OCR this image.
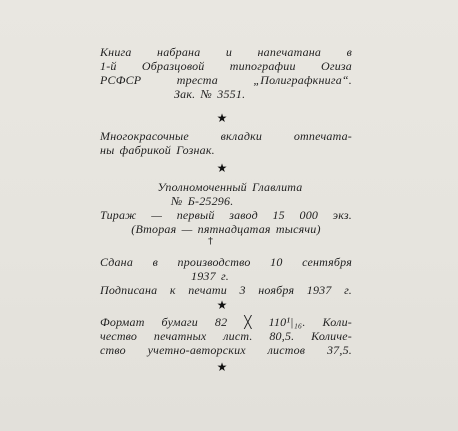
Книга набрана и напечатана в
1-й Образцовой типографии Огиза
РСФСР треста „Полиграфкнига“.
Зак. № 3551.
★
Многокрасочные вкладки отпечата-
ны фабрикой Гознак.
★
Уполномоченный Главлита
№ Б-25296.
Тираж — первый завод 15 000 экз.
(Вторая — пятнадцатая тысячи)
†
Сдана в производство 10 сентября
1937 г.
Подписана к печати 3 ноября 1937 г.
★
Формат бумаги 82 ╳ 110¹|₁₆. Коли-
чество печатных лист. 80,5. Количе-
ство учетно-авторских листов 37,5.
★
